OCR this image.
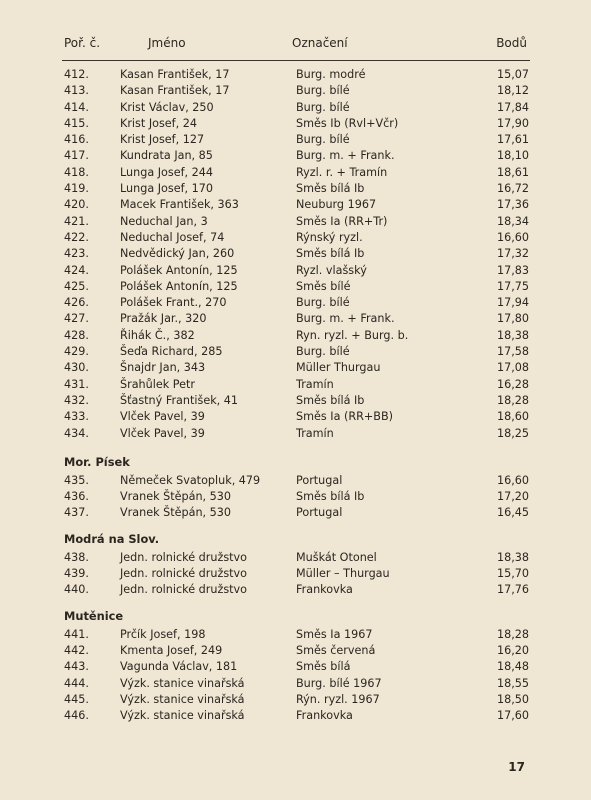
Poř. č.	Jméno	Označení	Bodů
412.	Kasan František, 17	Burg. modré	15,07
413.	Kasan František, 17	Burg. bílé	18,12
414.	Krist Václav, 250	Burg. bílé	17,84
415.	Krist Josef, 24	Směs Ib (Rvl+Včr)	17,90
416.	Krist Josef, 127	Burg. bílé	17,61
417.	Kundrata Jan, 85	Burg. m. + Frank.	18,10
418.	Lunga Josef, 244	Ryzl. r. + Tramín	18,61
419.	Lunga Josef, 170	Směs bílá Ib	16,72
420.	Macek František, 363	Neuburg 1967	17,36
421.	Neduchal Jan, 3	Směs Ia (RR+Tr)	18,34
422.	Neduchal Josef, 74	Rýnský ryzl.	16,60
423.	Nedvědický Jan, 260	Směs bílá Ib	17,32
424.	Polášek Antonín, 125	Ryzl. vlašský	17,83
425.	Polášek Antonín, 125	Směs bílé	17,75
426.	Polášek Frant., 270	Burg. bílé	17,94
427.	Pražák Jar., 320	Burg. m. + Frank.	17,80
428.	Řihák Č., 382	Ryn. ryzl. + Burg. b.	18,38
429.	Šeďa Richard, 285	Burg. bílé	17,58
430.	Šnajdr Jan, 343	Müller Thurgau	17,08
431.	Šrahůlek Petr	Tramín	16,28
432.	Šťastný František, 41	Směs bílá Ib	18,28
433.	Vlček Pavel, 39	Směs Ia (RR+BB)	18,60
434.	Vlček Pavel, 39	Tramín	18,25
Mor. Písek
435.	Němeček Svatopluk, 479	Portugal	16,60
436.	Vranek Štěpán, 530	Směs bílá Ib	17,20
437.	Vranek Štěpán, 530	Portugal	16,45
Modrá na Slov.
438.	Jedn. rolnické družstvo	Muškát Otonel	18,38
439.	Jedn. rolnické družstvo	Müller – Thurgau	15,70
440.	Jedn. rolnické družstvo	Frankovka	17,76
Mutěnice
441.	Prčík Josef, 198	Směs Ia 1967	18,28
442.	Kmenta Josef, 249	Směs červená	16,20
443.	Vagunda Václav, 181	Směs bílá	18,48
444.	Výzk. stanice vinařská	Burg. bílé 1967	18,55
445.	Výzk. stanice vinařská	Rýn. ryzl. 1967	18,50
446.	Výzk. stanice vinařská	Frankovka	17,60
17
